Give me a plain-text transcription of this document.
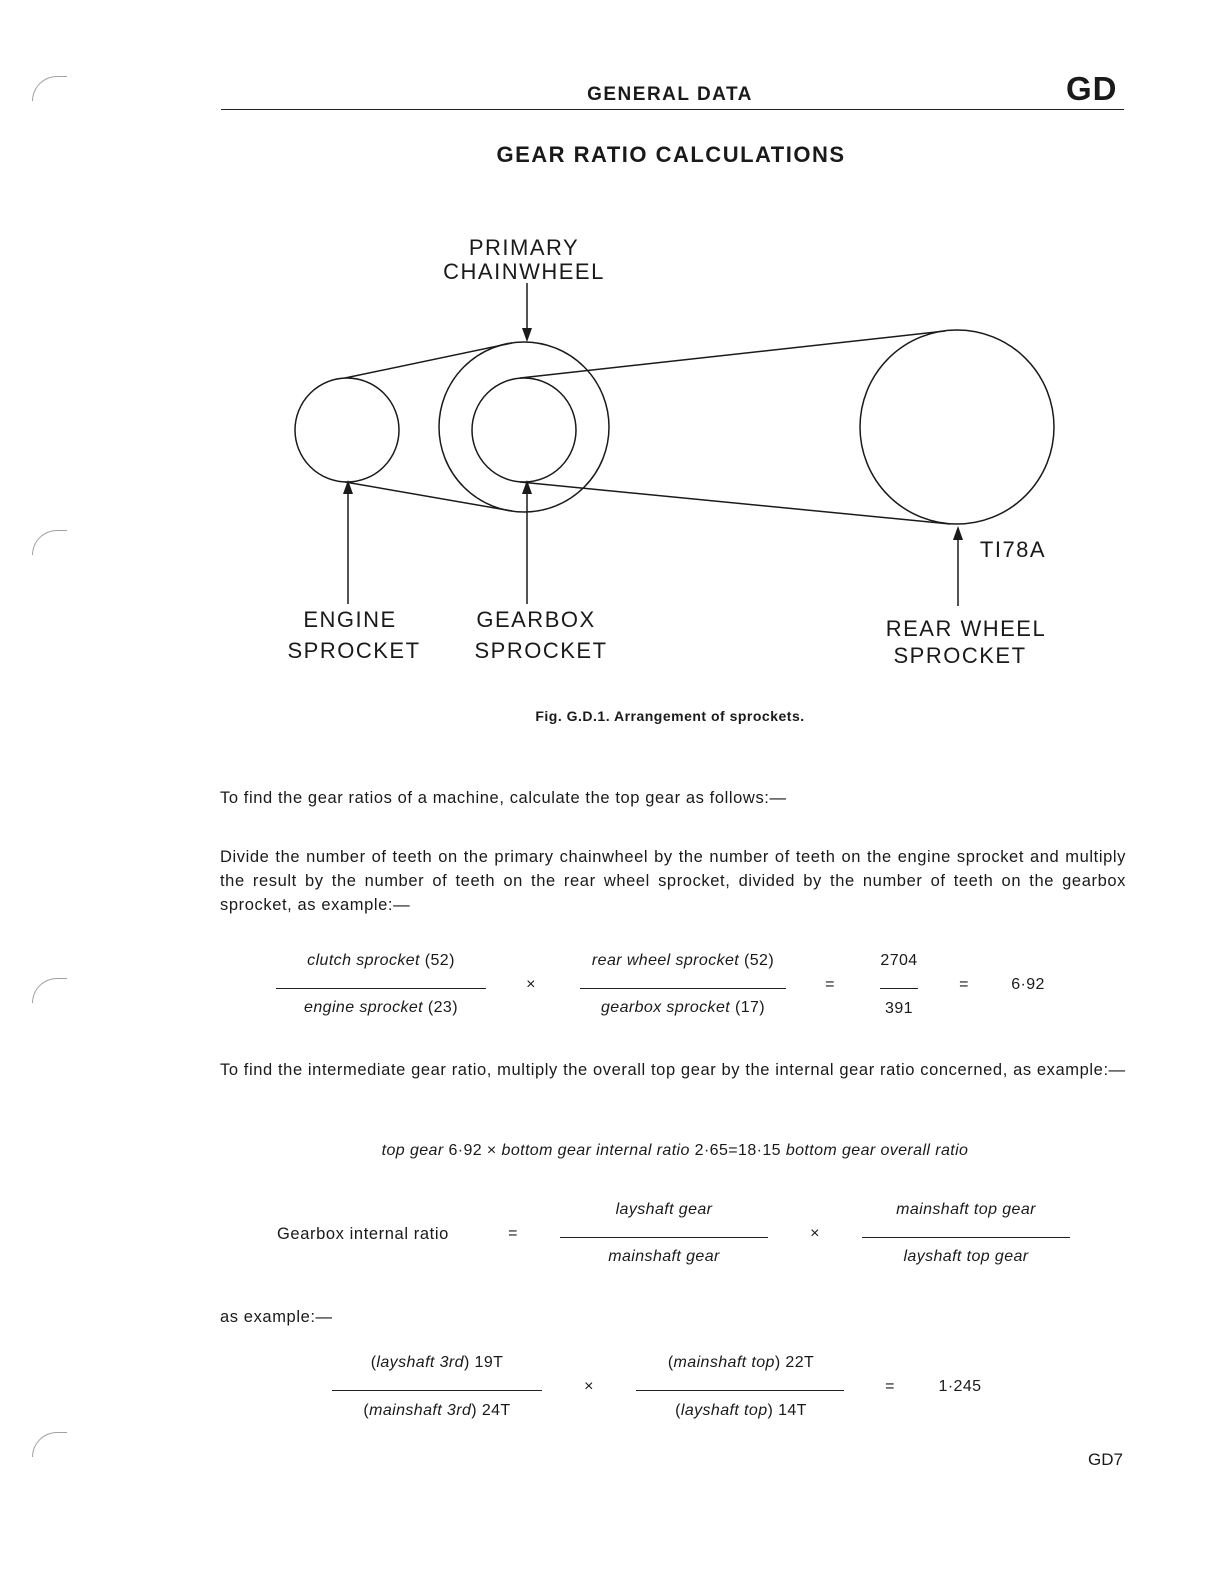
GENERAL DATA	GD
GEAR RATIO CALCULATIONS
PRIMARY
CHAINWHEEL
ENGINE
SPROCKET
GEARBOX
SPROCKET
REAR WHEEL
SPROCKET
TI78A
Fig. G.D.1. Arrangement of sprockets.
To find the gear ratios of a machine, calculate the top gear as follows:—
Divide the number of teeth on the primary chainwheel by the number of teeth on the engine sprocket and multiply the result by the number of teeth on the rear wheel sprocket, divided by the number of teeth on the gearbox sprocket, as example:—
clutch sprocket (52)
engine sprocket (23)
×
rear wheel sprocket (52)
gearbox sprocket (17)
=
2704
391
=	6·92
To find the intermediate gear ratio, multiply the overall top gear by the internal gear ratio concerned, as example:—
top gear 6·92 × bottom gear internal ratio 2·65=18·15 bottom gear overall ratio
Gearbox internal ratio	=
layshaft gear
mainshaft gear
×
mainshaft top gear
layshaft top gear
as example:—
(layshaft 3rd) 19T
(mainshaft 3rd) 24T
×
(mainshaft top) 22T
(layshaft top) 14T
=	1·245
GD7
